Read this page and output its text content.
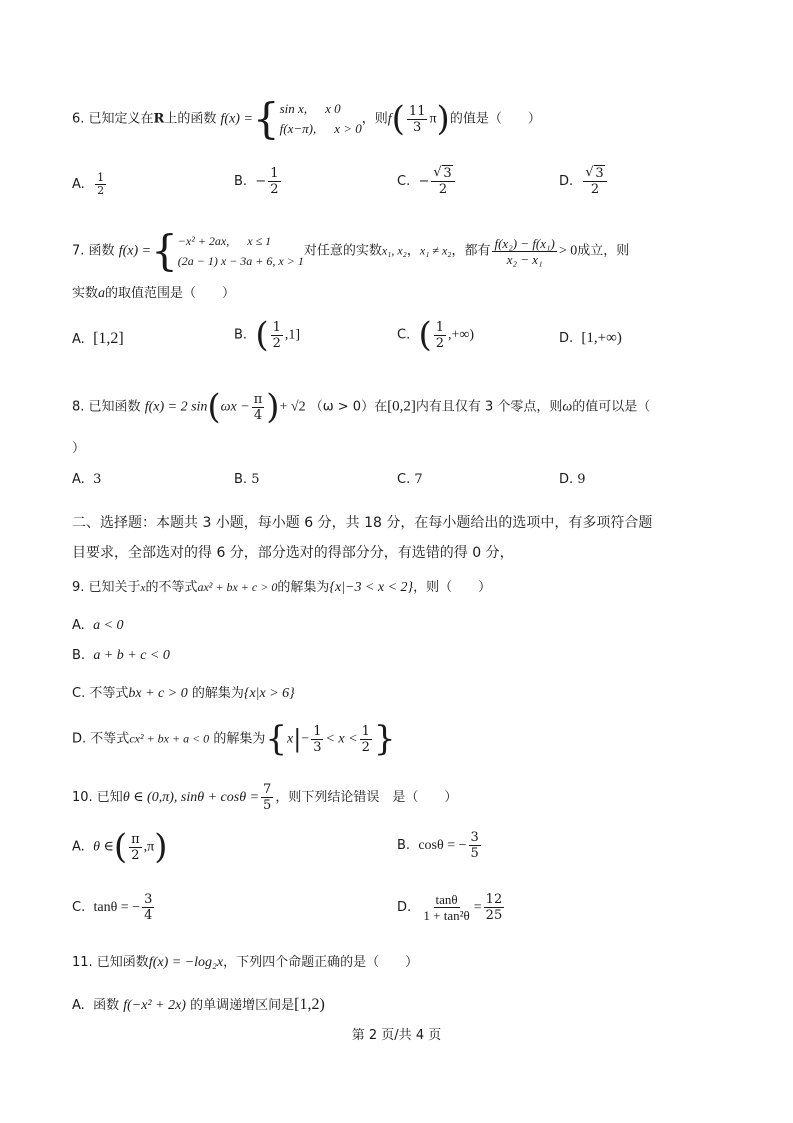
6. 已知定义在R上的函数 f(x) ={ sin x, x 0
f(x−π), x > 0
，则$f( \frac{11}{3} \pi)$的值是（　　）
A. $\frac{1}{2}$	B. − $\frac{1}{2}$	C. − √ $\frac{3}{2}$	D. √ $\frac{3}{2}$
7. 函数 f(x) ={ −x² + 2ax, x ≤ 1
(2a − 1) x − 3a + 6, x > 1
对任意的实数x₁, x₂，x₁ ≠ x₂，都有 $\frac{\text{f(x₂) − f(x₁)}}{\text{x₂ − x₁}} > 0$成立，则
实数a的取值范围是（　　）
A. [1,2]	B. ( $\frac{1}{2} ,1$]	C. ( $\frac{1}{2}$ ,+∞)	D. [1,+∞)
8. 已知函数 f(x) = 2 $\sin(\omega x - \frac{\pi}{4}$ )+ √2 （ω > 0）在[0,2]内有且仅有 3 个零点，则ω的值可以是（
）
A. 3	B. 5	C. 7	D. 9
二、选择题：本题共 3 小题，每小题 6 分，共 18 分，在每小题给出的选项中，有多项符合题
目要求，全部选对的得 6 分，部分选对的得部分分，有选错的得 0 分，
9. 已知关于x的不等式ax² + bx + c > 0的解集为{x|−3 < x < 2}，则（　　）
A. a < 0
B. a + b + c < 0
C. 不等式bx + c > 0 的解集为{x|x > 6}
D. 不等式cx² + bx + a < 0 的解集为{$x|- \frac{1}{3} < x < \frac{1}{2}$ }
10. 已知θ ∈ (0,π), $\sin\theta + \cos\theta = \frac{7}{5}$ ，则下列结论错误　是（　　）
A. θ ∈( $\frac{\pi}{2} ,\pi$)	B. cosθ = − $\frac{3}{5}$
C. tanθ = − $\frac{3}{4}$	D. $\frac{\tan\theta}{\text{1 + tan²θ}} = \frac{12}{25}$
11. 已知函数f(x) = −log₂x，下列四个命题正确的是（　　）
A. 函数 f(−x² + 2x) 的单调递增区间是[1,2)
第 2 页/共 4 页
